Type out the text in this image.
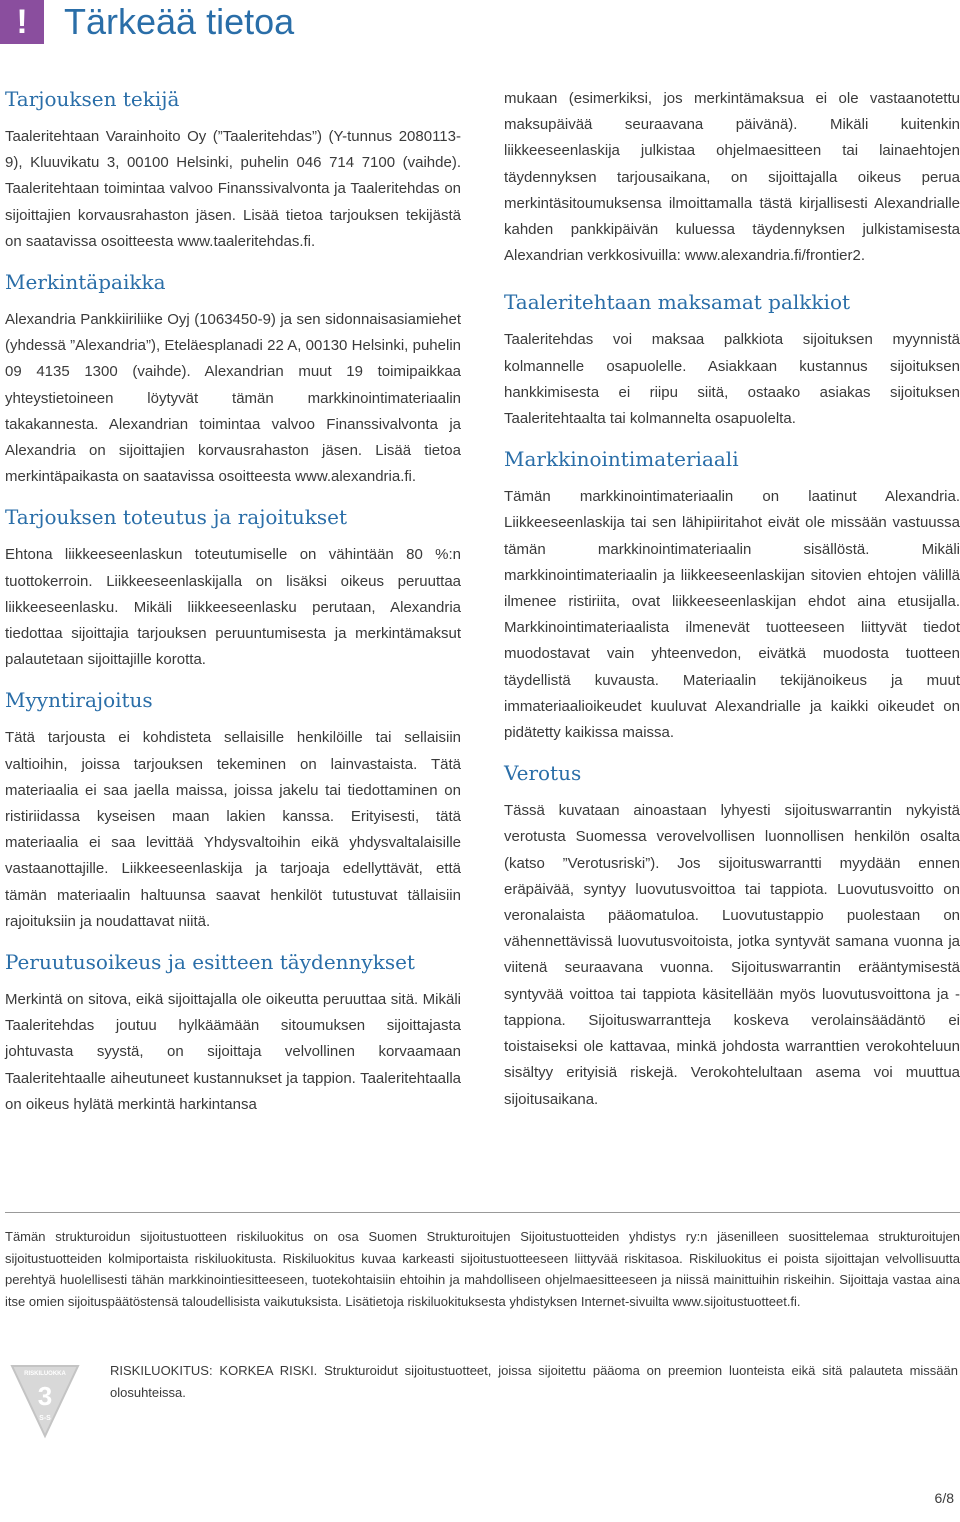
!	Tärkeää tietoa
Tarjouksen tekijä

Taaleritehtaan Varainhoito Oy (”Taaleritehdas”) (Y-tunnus 2080113-9), Kluuvikatu 3, 00100 Helsinki, puhelin 046 714 7100 (vaihde). Taaleritehtaan toimintaa valvoo Finanssivalvonta ja Taaleritehdas on sijoittajien korvausrahaston jäsen. Lisää tietoa tarjouksen tekijästä on saatavissa osoitteesta www.taaleritehdas.fi.

Merkintäpaikka

Alexandria Pankkiiriliike Oyj (1063450-9) ja sen sidonnaisasiamiehet (yhdessä ”Alexandria”), Eteläesplanadi 22 A, 00130 Helsinki, puhelin 09 4135 1300 (vaihde). Alexandrian muut 19 toimipaikkaa yhteystietoineen löytyvät tämän markkinointimateriaalin takakannesta. Alexandrian toimintaa valvoo Finanssivalvonta ja Alexandria on sijoittajien korvausrahaston jäsen. Lisää tietoa merkintäpaikasta on saatavissa osoitteesta www.alexandria.fi.

Tarjouksen toteutus ja rajoitukset

Ehtona liikkeeseenlaskun toteutumiselle on vähintään 80 %:n tuottokerroin. Liikkeeseenlaskijalla on lisäksi oikeus peruuttaa liikkeeseenlasku. Mikäli liikkeeseenlasku perutaan, Alexandria tiedottaa sijoittajia tarjouksen peruuntumisesta ja merkintämaksut palautetaan sijoittajille korotta.

Myyntirajoitus

Tätä tarjousta ei kohdisteta sellaisille henkilöille tai sellaisiin valtioihin, joissa tarjouksen tekeminen on lainvastaista. Tätä materiaalia ei saa jaella maissa, joissa jakelu tai tiedottaminen on ristiriidassa kyseisen maan lakien kanssa. Erityisesti, tätä materiaalia ei saa levittää Yhdysvaltoihin eikä yhdysvaltalaisille vastaanottajille. Liikkeeseenlaskija ja tarjoaja edellyttävät, että tämän materiaalin haltuunsa saavat henkilöt tutustuvat tällaisiin rajoituksiin ja noudattavat niitä.

Peruutusoikeus ja esitteen täydennykset

Merkintä on sitova, eikä sijoittajalla ole oikeutta peruuttaa sitä. Mikäli Taaleritehdas joutuu hylkäämään sitoumuksen sijoittajasta johtuvasta syystä, on sijoittaja velvollinen korvaamaan Taaleritehtaalle aiheutuneet kustannukset ja tappion. Taaleritehtaalla on oikeus hylätä merkintä harkintansa

mukaan (esimerkiksi, jos merkintämaksua ei ole vastaanotettu maksupäivää seuraavana päivänä). Mikäli kuitenkin liikkeeseenlaskija julkistaa ohjelmaesitteen tai lainaehtojen täydennyksen tarjousaikana, on sijoittajalla oikeus perua merkintäsitoumuksensa ilmoittamalla tästä kirjallisesti Alexandrialle kahden pankkipäivän kuluessa täydennyksen julkistamisesta Alexandrian verkkosivuilla: www.alexandria.fi/frontier2.

Taaleritehtaan maksamat palkkiot

Taaleritehdas voi maksaa palkkiota sijoituksen myynnistä kolmannelle osapuolelle. Asiakkaan kustannus sijoituksen hankkimisesta ei riipu siitä, ostaako asiakas sijoituksen Taaleritehtaalta tai kolmannelta osapuolelta.

Markkinointimateriaali

Tämän markkinointimateriaalin on laatinut Alexandria. Liikkeeseenlaskija tai sen lähipiiritahot eivät ole missään vastuussa tämän markkinointimateriaalin sisällöstä. Mikäli markkinointimateriaalin ja liikkeeseenlaskijan sitovien ehtojen välillä ilmenee ristiriita, ovat liikkeeseenlaskijan ehdot aina etusijalla. Markkinointimateriaalista ilmenevät tuotteeseen liittyvät tiedot muodostavat vain yhteenvedon, eivätkä muodosta tuotteen täydellistä kuvausta. Materiaalin tekijänoikeus ja muut immateriaalioikeudet kuuluvat Alexandrialle ja kaikki oikeudet on pidätetty kaikissa maissa.

Verotus

Tässä kuvataan ainoastaan lyhyesti sijoituswarrantin nykyistä verotusta Suomessa verovelvollisen luonnollisen henkilön osalta (katso ”Verotusriski”). Jos sijoituswarrantti myydään ennen eräpäivää, syntyy luovutusvoittoa tai tappiota. Luovutusvoitto on veronalaista pääomatuloa. Luovutustappio puolestaan on vähennettävissä luovutusvoitoista, jotka syntyvät samana vuonna ja viitenä seuraavana vuonna. Sijoituswarrantin erääntymisestä syntyvää voittoa tai tappiota käsitellään myös luovutusvoittona ja -tappiona. Sijoituswarrantteja koskeva verolainsäädäntö ei toistaiseksi ole kattavaa, minkä johdosta warranttien verokohteluun sisältyy erityisiä riskejä. Verokohtelultaan asema voi muuttua sijoitusaikana.

Tämän strukturoidun sijoitustuotteen riskiluokitus on osa Suomen Strukturoitujen Sijoitustuotteiden yhdistys ry:n jäsenilleen suosittelemaa strukturoitujen sijoitustuotteiden kolmiportaista riskiluokitusta. Riskiluokitus kuvaa karkeasti sijoitustuotteeseen liittyvää riskitasoa. Riskiluokitus ei poista sijoittajan velvollisuutta perehtyä huolellisesti tähän markkinointiesitteeseen, tuotekohtaisiin ehtoihin ja mahdolliseen ohjelmaesitteeseen ja niissä mainittuihin riskeihin. Sijoittaja vastaa aina itse omien sijoituspäätöstensä taloudellisista vaikutuksista. Lisätietoja riskiluokituksesta yhdistyksen Internet-sivuilta www.sijoitustuotteet.fi.

RISKILUOKKA
3
S-S

RISKILUOKITUS: KORKEA RISKI. Strukturoidut sijoitustuotteet, joissa sijoitettu pääoma on preemion luonteista eikä sitä palauteta missään olosuhteissa.

6/8
